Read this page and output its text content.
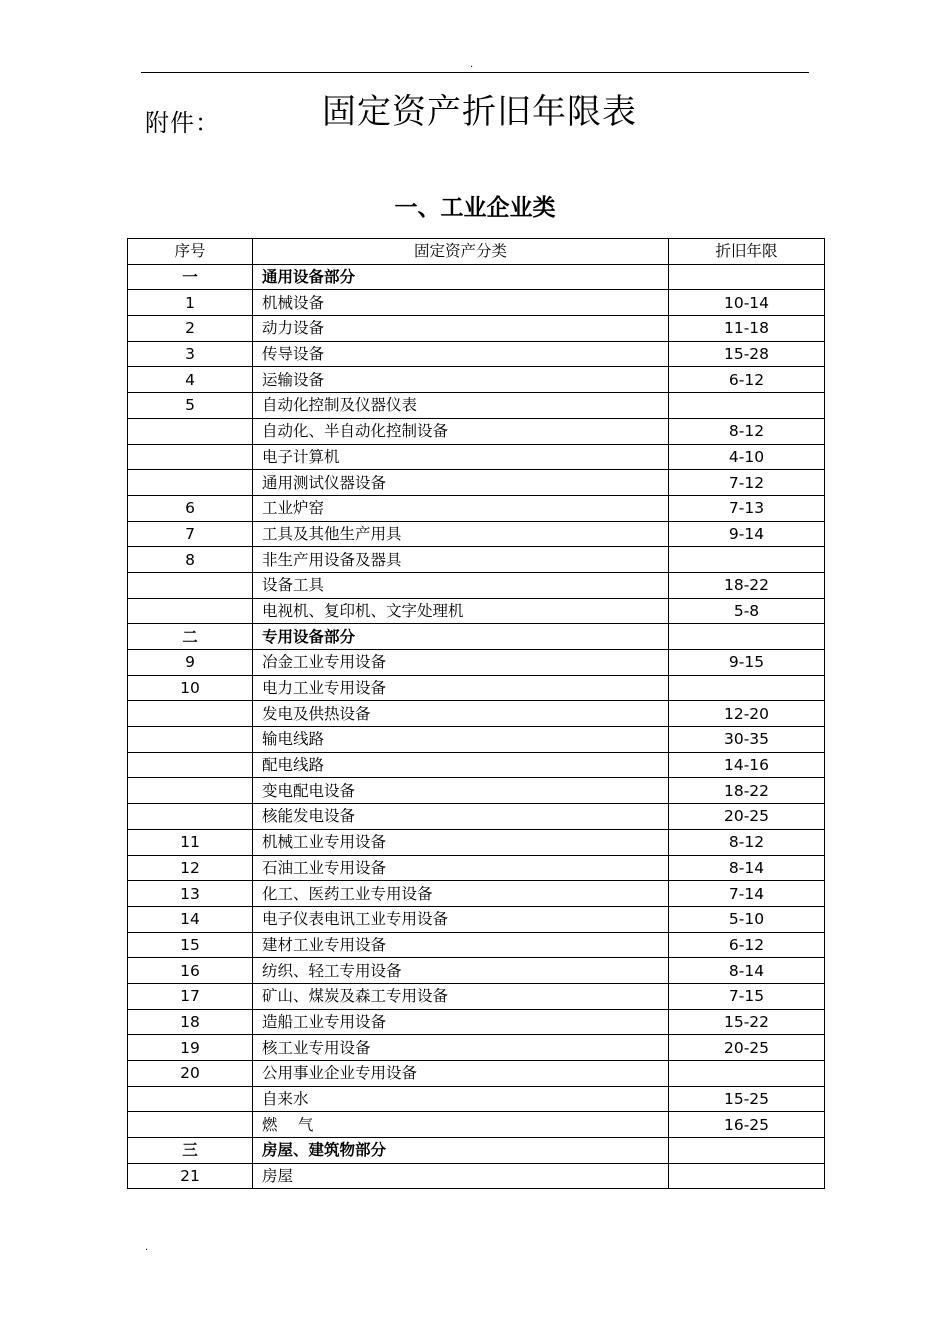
.
附件：	固定资产折旧年限表
一、工业企业类
序号	固定资产分类	折旧年限
一	通用设备部分	
1	机械设备	10-14
2	动力设备	11-18
3	传导设备	15-28
4	运输设备	6-12
5	自动化控制及仪器仪表	
	自动化、半自动化控制设备	8-12
	电子计算机	4-10
	通用测试仪器设备	7-12
6	工业炉窑	7-13
7	工具及其他生产用具	9-14
8	非生产用设备及器具	
	设备工具	18-22
	电视机、复印机、文字处理机	5-8
二	专用设备部分	
9	冶金工业专用设备	9-15
10	电力工业专用设备	
	发电及供热设备	12-20
	输电线路	30-35
	配电线路	14-16
	变电配电设备	18-22
	核能发电设备	20-25
11	机械工业专用设备	8-12
12	石油工业专用设备	8-14
13	化工、医药工业专用设备	7-14
14	电子仪表电讯工业专用设备	5-10
15	建材工业专用设备	6-12
16	纺织、轻工专用设备	8-14
17	矿山、煤炭及森工专用设备	7-15
18	造船工业专用设备	15-22
19	核工业专用设备	20-25
20	公用事业企业专用设备	
	自来水	15-25
	燃　 气	16-25
三	房屋、建筑物部分	
21	房屋	
.
